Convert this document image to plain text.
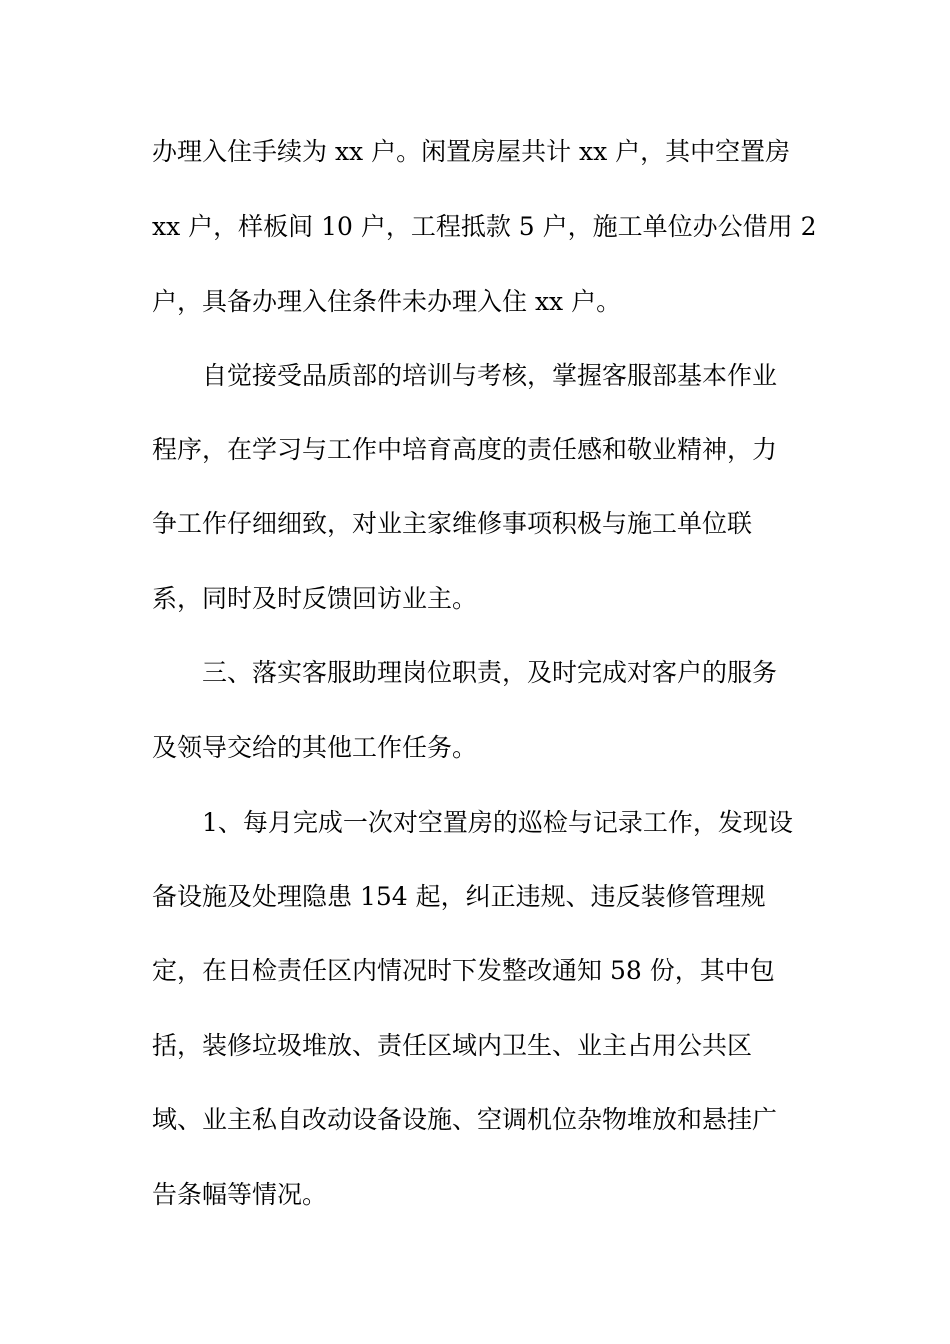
办理入住手续为 xx 户。闲置房屋共计 xx 户，其中空置房
xx 户，样板间 10 户，工程抵款 5 户，施工单位办公借用 2
户，具备办理入住条件未办理入住 xx 户。
自觉接受品质部的培训与考核，掌握客服部基本作业
程序，在学习与工作中培育高度的责任感和敬业精神，力
争工作仔细细致，对业主家维修事项积极与施工单位联
系，同时及时反馈回访业主。
三、落实客服助理岗位职责，及时完成对客户的服务
及领导交给的其他工作任务。
1、每月完成一次对空置房的巡检与记录工作，发现设
备设施及处理隐患 154 起，纠正违规、违反装修管理规
定，在日检责任区内情况时下发整改通知 58 份，其中包
括，装修垃圾堆放、责任区域内卫生、业主占用公共区
域、业主私自改动设备设施、空调机位杂物堆放和悬挂广
告条幅等情况。
